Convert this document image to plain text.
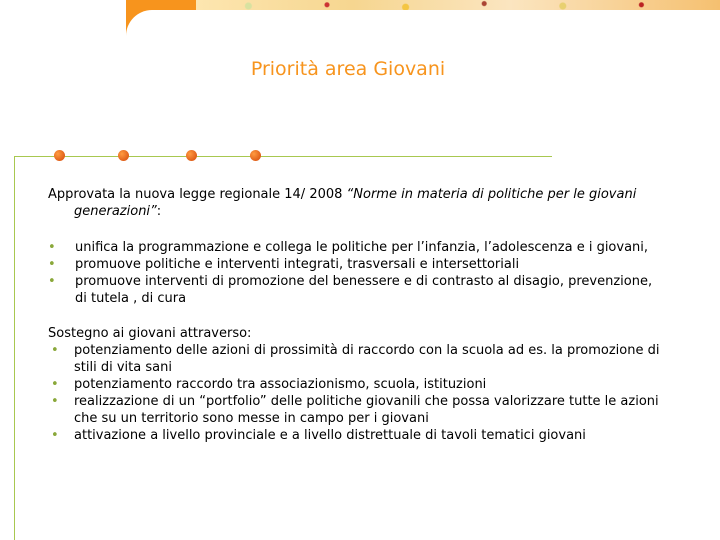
Priorità area Giovani

Approvata la nuova legge regionale 14/ 2008 “Norme in materia di politiche per le giovani generazioni”:

• unifica la programmazione e collega le politiche per l’infanzia, l’adolescenza e i giovani,
• promuove politiche e interventi integrati, trasversali e intersettoriali
• promuove interventi di promozione del benessere e di contrasto al disagio, prevenzione, di tutela , di cura

Sostegno ai giovani attraverso:

• potenziamento delle azioni di prossimità di raccordo con la scuola ad es. la promozione di stili di vita sani
• potenziamento raccordo tra associazionismo, scuola, istituzioni
• realizzazione di un “portfolio” delle politiche giovanili che possa valorizzare tutte le azioni che su un territorio sono messe in campo per i giovani
• attivazione a livello provinciale e a livello distrettuale di tavoli tematici giovani
